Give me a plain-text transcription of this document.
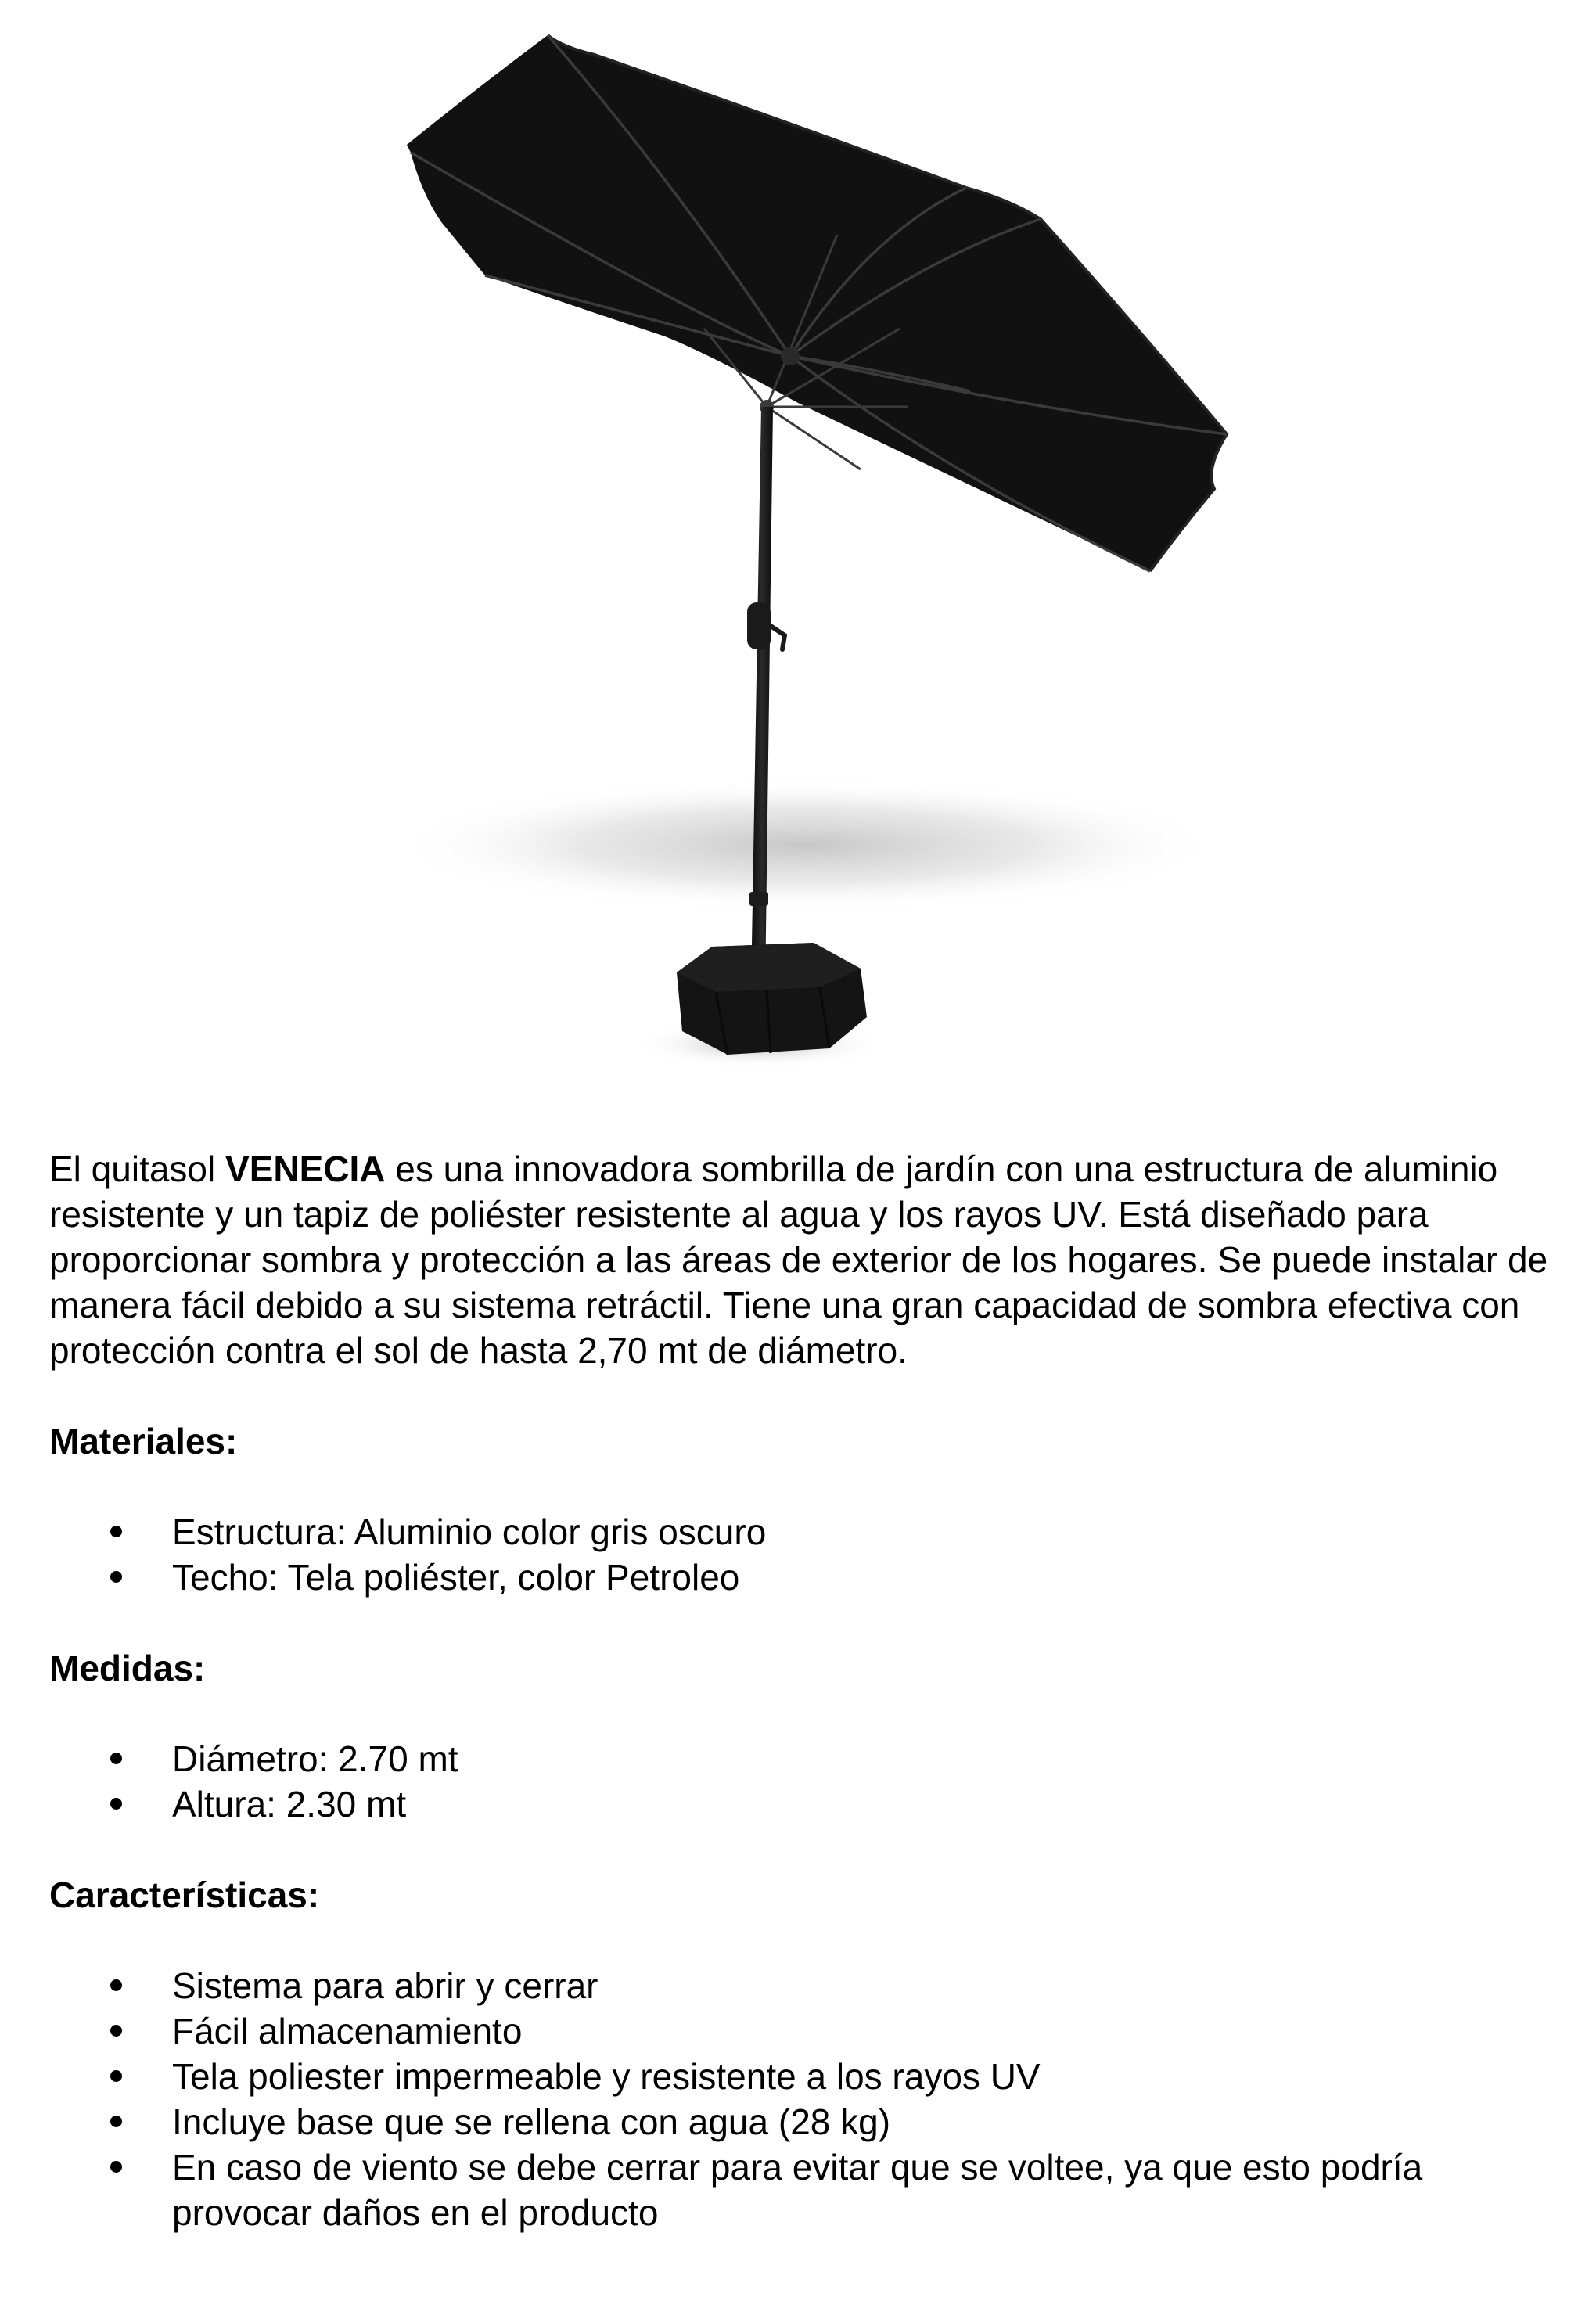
El quitasol VENECIA es una innovadora sombrilla de jardín con una estructura de aluminio resistente y un tapiz de poliéster resistente al agua y los rayos UV. Está diseñado para proporcionar sombra y protección a las áreas de exterior de los hogares. Se puede instalar de manera fácil debido a su sistema retráctil. Tiene una gran capacidad de sombra efectiva con protección contra el sol de hasta 2,70 mt de diámetro.

Materiales:
Estructura: Aluminio color gris oscuro
Techo: Tela poliéster, color Petroleo
Medidas:
Diámetro: 2.70 mt
Altura: 2.30 mt
Características:
Sistema para abrir y cerrar
Fácil almacenamiento
Tela poliester impermeable y resistente a los rayos UV
Incluye base que se rellena con agua (28 kg)
En caso de viento se debe cerrar para evitar que se voltee, ya que esto podría provocar daños en el producto
